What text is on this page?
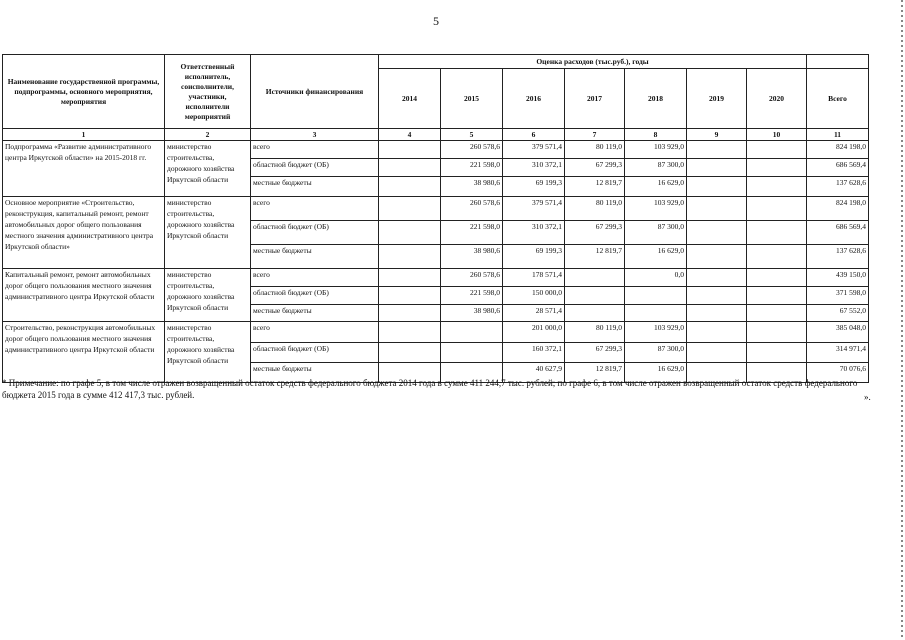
5
Наименование государственной программы, подпрограммы, основного мероприятия, мероприятия	Ответственный исполнитель, соисполнители, участники, исполнители мероприятий	Источники финансирования	Оценка расходов (тыс.руб.), годы							
			2014	2015	2016	2017	2018	2019	2020	Всего
1	2	3	4	5	6	7	8	9	10	11
Подпрограмма «Развитие административного центра Иркутской области» на 2015-2018 гг.	министерство строительства, дорожного хозяйства Иркутской области	всего		260 578,6	379 571,4	80 119,0	103 929,0			824 198,0
		областной бюджет (ОБ)		221 598,0	310 372,1	67 299,3	87 300,0			686 569,4
		местные бюджеты		38 980,6	69 199,3	12 819,7	16 629,0			137 628,6
Основное мероприятие «Строительство, реконструкция, капитальный ремонт, ремонт автомобильных дорог общего пользования местного значения административного центра Иркутской области»	министерство строительства, дорожного хозяйства Иркутской области	всего		260 578,6	379 571,4	80 119,0	103 929,0			824 198,0
		областной бюджет (ОБ)		221 598,0	310 372,1	67 299,3	87 300,0			686 569,4
		местные бюджеты		38 980,6	69 199,3	12 819,7	16 629,0			137 628,6
Капитальный ремонт, ремонт автомобильных дорог общего пользования местного значения административного центра Иркутской области	министерство строительства, дорожного хозяйства Иркутской области	всего		260 578,6	178 571,4		0,0			439 150,0
		областной бюджет (ОБ)		221 598,0	150 000,0					371 598,0
		местные бюджеты		38 980,6	28 571,4					67 552,0
Строительство, реконструкция автомобильных дорог общего пользования местного значения административного центра Иркутской области	министерство строительства, дорожного хозяйства Иркутской области	всего			201 000,0	80 119,0	103 929,0			385 048,0
		областной бюджет (ОБ)			160 372,1	67 299,3	87 300,0			314 971,4
		местные бюджеты			40 627,9	12 819,7	16 629,0			70 076,6
* Примечание: по графе 5, в том числе отражен возвращенный остаток средств федерального бюджета 2014 года в сумме 411 244,7 тыс. рублей; по графе 6, в том числе отражен возвращенный остаток средств федерального бюджета 2015 года в сумме 412 417,3 тыс. рублей.	».
